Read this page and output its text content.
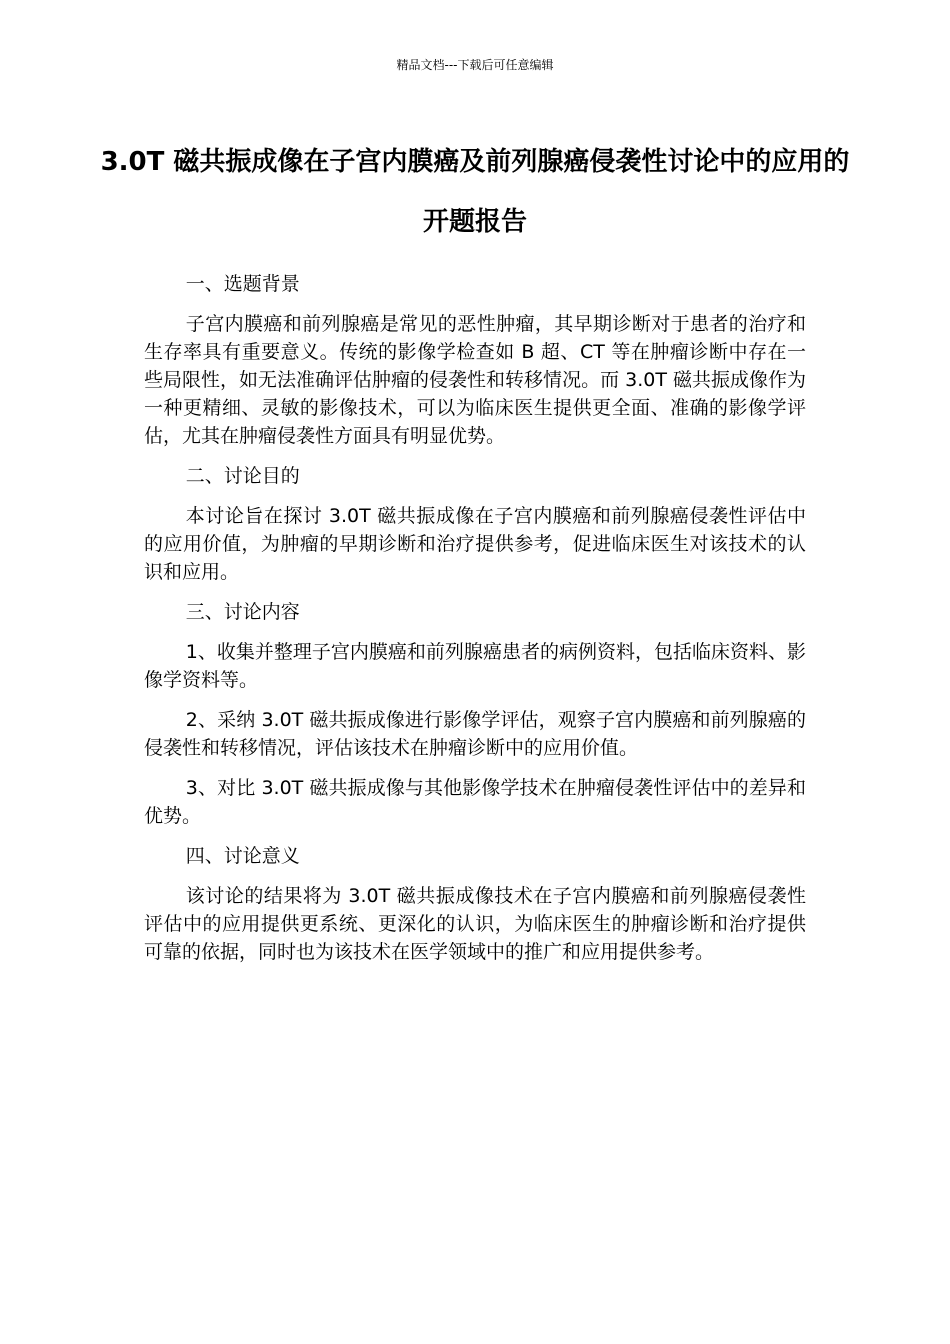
精品文档---下载后可任意编辑
3.0T 磁共振成像在子宫内膜癌及前列腺癌侵袭性讨论中的应用的开题报告

一、选题背景

子宫内膜癌和前列腺癌是常见的恶性肿瘤，其早期诊断对于患者的治疗和生存率具有重要意义。传统的影像学检查如 B 超、CT 等在肿瘤诊断中存在一些局限性，如无法准确评估肿瘤的侵袭性和转移情况。而 3.0T 磁共振成像作为一种更精细、灵敏的影像技术，可以为临床医生提供更全面、准确的影像学评估，尤其在肿瘤侵袭性方面具有明显优势。

二、讨论目的

本讨论旨在探讨 3.0T 磁共振成像在子宫内膜癌和前列腺癌侵袭性评估中的应用价值，为肿瘤的早期诊断和治疗提供参考，促进临床医生对该技术的认识和应用。

三、讨论内容

1、收集并整理子宫内膜癌和前列腺癌患者的病例资料，包括临床资料、影像学资料等。

2、采纳 3.0T 磁共振成像进行影像学评估，观察子宫内膜癌和前列腺癌的侵袭性和转移情况，评估该技术在肿瘤诊断中的应用价值。

3、对比 3.0T 磁共振成像与其他影像学技术在肿瘤侵袭性评估中的差异和优势。

四、讨论意义

该讨论的结果将为 3.0T 磁共振成像技术在子宫内膜癌和前列腺癌侵袭性评估中的应用提供更系统、更深化的认识，为临床医生的肿瘤诊断和治疗提供可靠的依据，同时也为该技术在医学领域中的推广和应用提供参考。
